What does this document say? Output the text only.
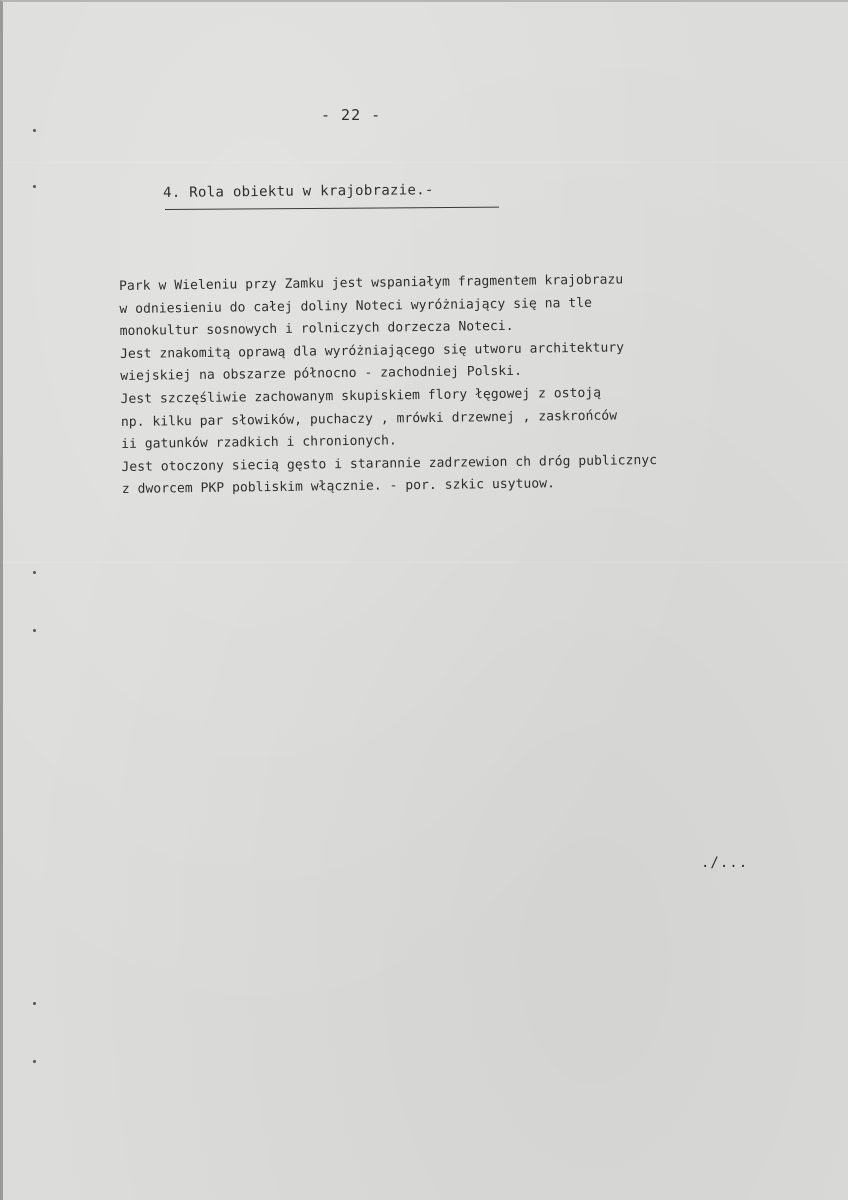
- 22 -
4. Rola obiektu w krajobrazie.-
Park w Wieleniu przy Zamku jest wspaniałym fragmentem krajobrazu
w odniesieniu do całej doliny Noteci wyróżniający się na tle
monokultur sosnowych i rolniczych dorzecza Noteci.
Jest znakomitą oprawą dla wyróżniającego się utworu architektury
wiejskiej na obszarze północno - zachodniej Polski.
Jest szczęśliwie zachowanym skupiskiem flory łęgowej z ostoją
np. kilku par słowików, puchaczy , mrówki drzewnej , zaskrońców
ii gatunków rzadkich i chronionych.
Jest otoczony siecią gęsto i starannie zadrzewion ch dróg publicznyc
z dworcem PKP pobliskim włącznie. - por. szkic usytuow.
./...
